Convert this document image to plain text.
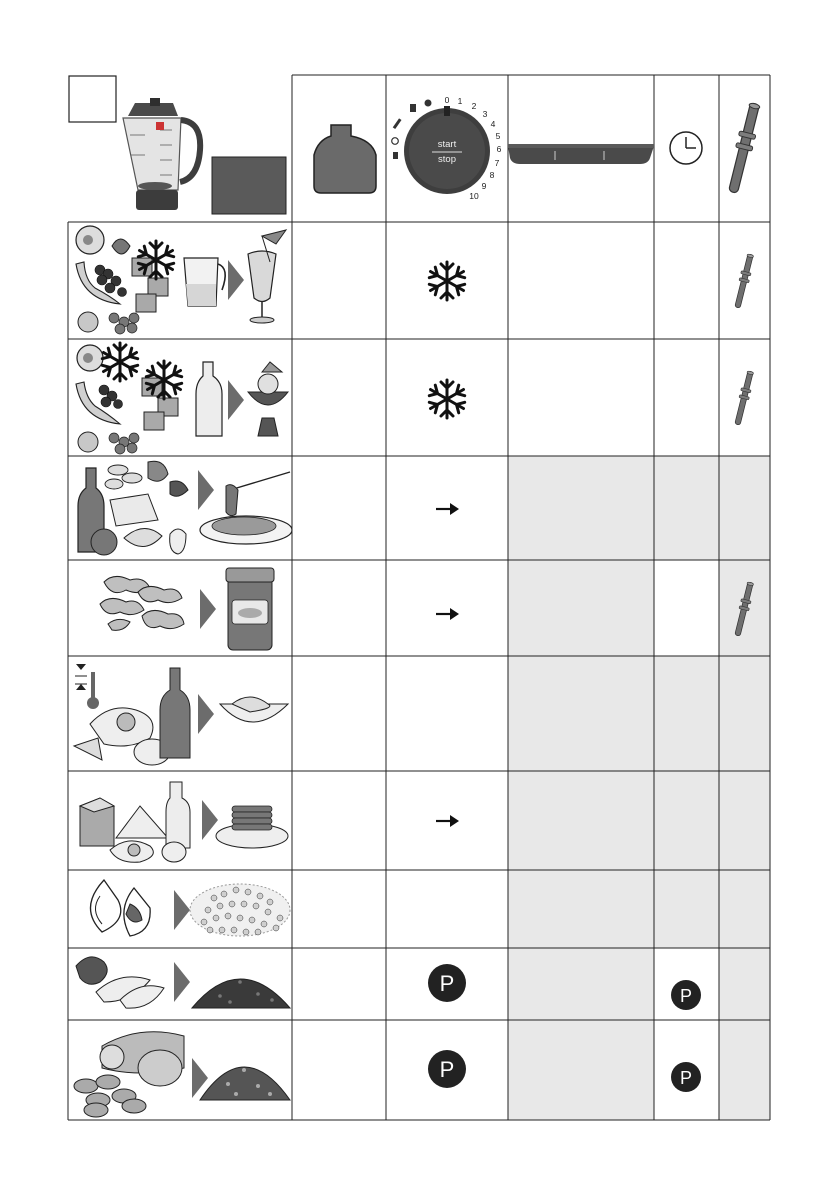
start
stop
0 1 2
3
4
5
6
7
8
9
10
P	P
P	P
